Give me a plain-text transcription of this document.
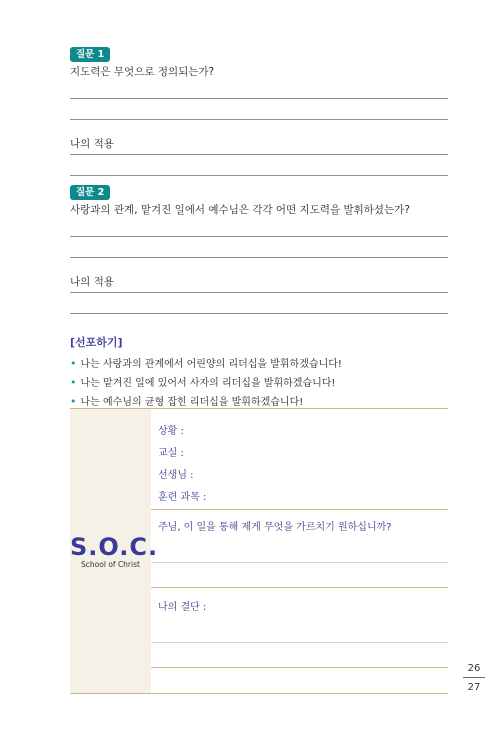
질문 1
지도력은 무엇으로 정의되는가?
나의 적용
질문 2
사랑과의 관계, 맡겨진 일에서 예수님은 각각 어떤 지도력을 발휘하셨는가?
나의 적용
[선포하기]
• 나는 사랑과의 관계에서 어린양의 리더십을 발휘하겠습니다!
• 나는 맡겨진 일에 있어서 사자의 리더십을 발휘하겠습니다!
• 나는 예수님의 균형 잡힌 리더십을 발휘하겠습니다!
S.O.C.
School of Christ
상황 :
교실 :
선생님 :
훈련 과목 :
주님, 이 일을 통해 제게 무엇을 가르치기 원하십니까?
나의 결단 :
26
27
